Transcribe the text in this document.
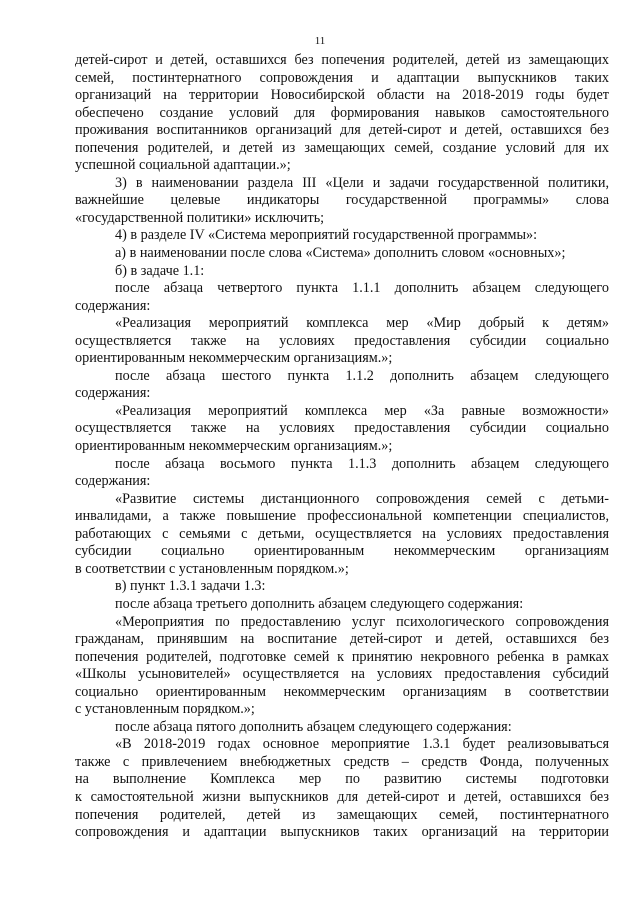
11
детей-сирот и детей, оставшихся без попечения родителей, детей из замещающих
семей, постинтернатного сопровождения и адаптации выпускников таких
организаций на территории Новосибирской области на 2018-2019 годы будет
обеспечено создание условий для формирования навыков самостоятельного
проживания воспитанников организаций для детей-сирот и детей, оставшихся без
попечения родителей, и детей из замещающих семей, создание условий для их
успешной социальной адаптации.»;
3) в наименовании раздела III «Цели и задачи государственной политики,
важнейшие целевые индикаторы государственной программы» слова
«государственной политики» исключить;
4) в разделе IV «Система мероприятий государственной программы»:
а) в наименовании после слова «Система» дополнить словом «основных»;
б) в задаче 1.1:
после абзаца четвертого пункта 1.1.1 дополнить абзацем следующего
содержания:
«Реализация мероприятий комплекса мер «Мир добрый к детям»
осуществляется также на условиях предоставления субсидии социально
ориентированным некоммерческим организациям.»;
после абзаца шестого пункта 1.1.2 дополнить абзацем следующего
содержания:
«Реализация мероприятий комплекса мер «За равные возможности»
осуществляется также на условиях предоставления субсидии социально
ориентированным некоммерческим организациям.»;
после абзаца восьмого пункта 1.1.3 дополнить абзацем следующего
содержания:
«Развитие системы дистанционного сопровождения семей с детьми-
инвалидами, а также повышение профессиональной компетенции специалистов,
работающих с семьями с детьми, осуществляется на условиях предоставления
субсидии социально ориентированным некоммерческим организациям
в соответствии с установленным порядком.»;
в) пункт 1.3.1 задачи 1.3:
после абзаца третьего дополнить абзацем следующего содержания:
«Мероприятия по предоставлению услуг психологического сопровождения
гражданам, принявшим на воспитание детей-сирот и детей, оставшихся без
попечения родителей, подготовке семей к принятию некровного ребенка в рамках
«Школы усыновителей» осуществляется на условиях предоставления субсидий
социально ориентированным некоммерческим организациям в соответствии
с установленным порядком.»;
после абзаца пятого дополнить абзацем следующего содержания:
«В 2018-2019 годах основное мероприятие 1.3.1 будет реализовываться
также с привлечением внебюджетных средств – средств Фонда, полученных
на выполнение Комплекса мер по развитию системы подготовки
к самостоятельной жизни выпускников для детей-сирот и детей, оставшихся без
попечения родителей, детей из замещающих семей, постинтернатного
сопровождения и адаптации выпускников таких организаций на территории
